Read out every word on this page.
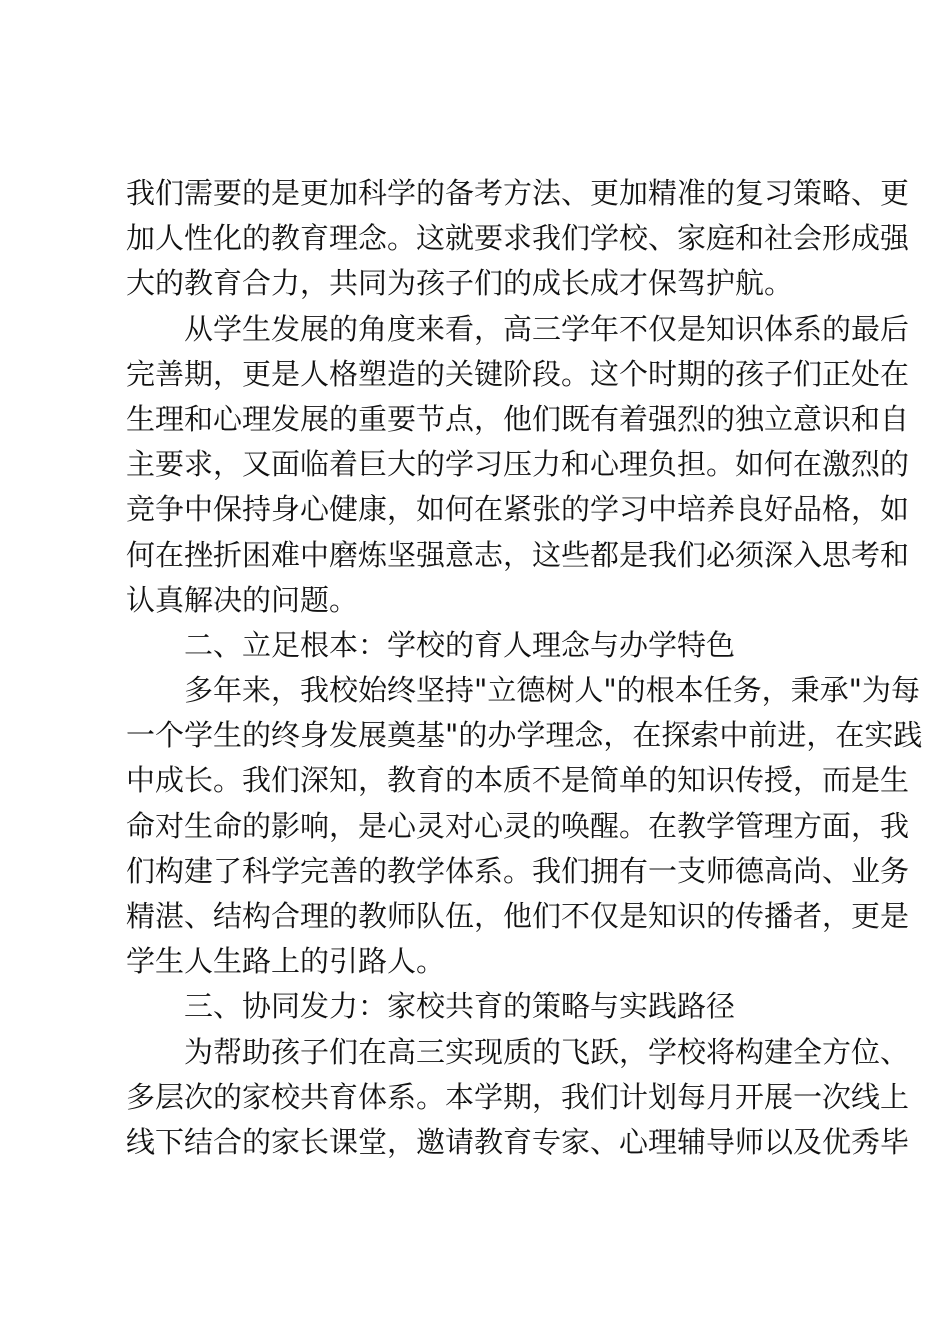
我们需要的是更加科学的备考方法、更加精准的复习策略、更
加人性化的教育理念。这就要求我们学校、家庭和社会形成强
大的教育合力，共同为孩子们的成长成才保驾护航。
　　从学生发展的角度来看，高三学年不仅是知识体系的最后
完善期，更是人格塑造的关键阶段。这个时期的孩子们正处在
生理和心理发展的重要节点，他们既有着强烈的独立意识和自
主要求，又面临着巨大的学习压力和心理负担。如何在激烈的
竞争中保持身心健康，如何在紧张的学习中培养良好品格，如
何在挫折困难中磨炼坚强意志，这些都是我们必须深入思考和
认真解决的问题。
　　二、立足根本：学校的育人理念与办学特色
　　多年来，我校始终坚持"立德树人"的根本任务，秉承"为每
一个学生的终身发展奠基"的办学理念，在探索中前进，在实践
中成长。我们深知，教育的本质不是简单的知识传授，而是生
命对生命的影响，是心灵对心灵的唤醒。在教学管理方面，我
们构建了科学完善的教学体系。我们拥有一支师德高尚、业务
精湛、结构合理的教师队伍，他们不仅是知识的传播者，更是
学生人生路上的引路人。
　　三、协同发力：家校共育的策略与实践路径
　　为帮助孩子们在高三实现质的飞跃，学校将构建全方位、
多层次的家校共育体系。本学期，我们计划每月开展一次线上
线下结合的家长课堂，邀请教育专家、心理辅导师以及优秀毕
